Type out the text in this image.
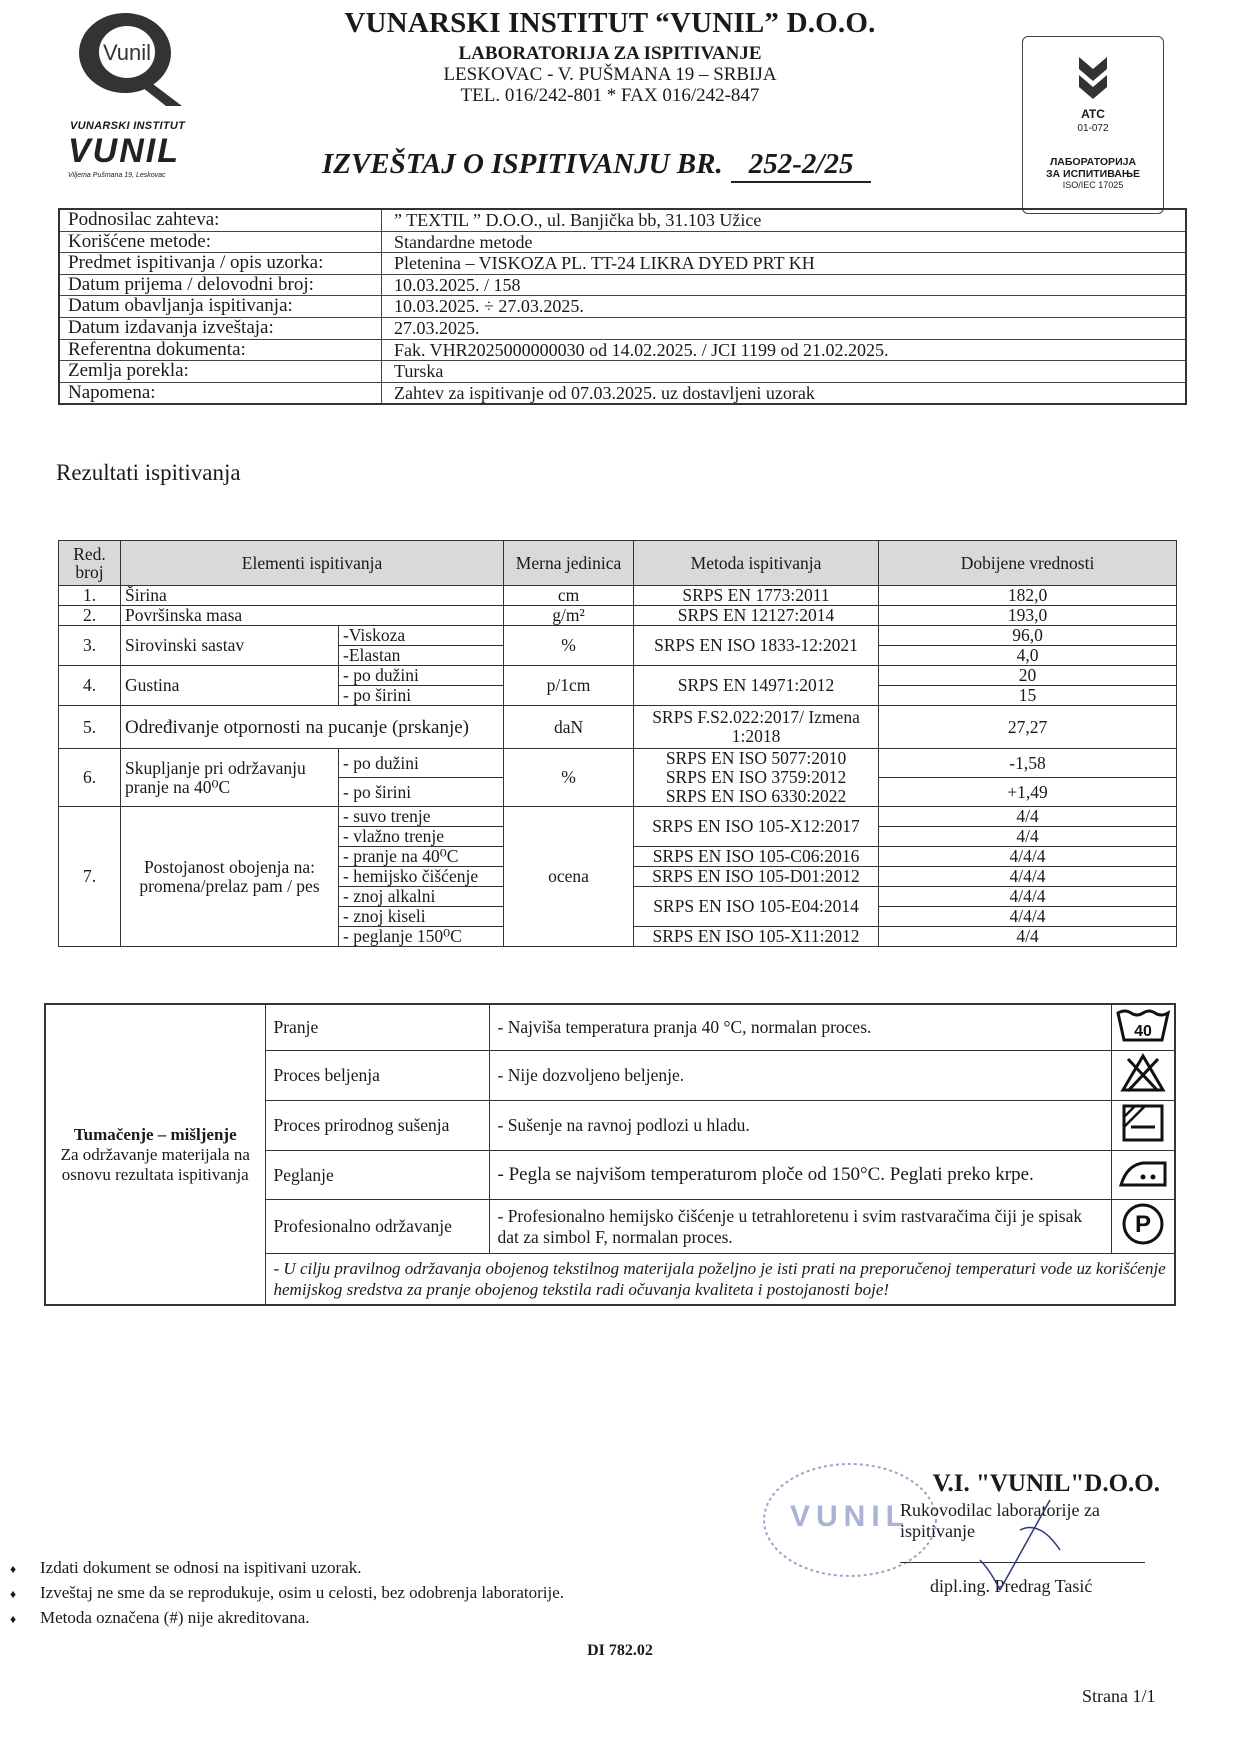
Vunil
VUNARSKI INSTITUT
VUNIL
Viljema Pušmana 19, Leskovac
VUNARSKI INSTITUT “VUNIL” D.O.O.
LABORATORIJA ZA ISPITIVANJE
LESKOVAC - V. PUŠMANA 19 – SRBIJA
TEL. 016/242-801 * FAX 016/242-847
IZVEŠTAJ O ISPITIVANJU BR. 252-2/25
ATC
01-072
ЛАБОРАТОРИЈА
ЗА ИСПИТИВАЊЕ
ISO/IEC 17025
Podnosilac zahteva:	” TEXTIL ” D.O.O., ul. Banjička bb, 31.103 Užice
Korišćene metode:	Standardne metode
Predmet ispitivanja / opis uzorka:	Pletenina – VISKOZA PL. TT-24 LIKRA DYED PRT KH
Datum prijema / delovodni broj:	10.03.2025. / 158
Datum obavljanja ispitivanja:	10.03.2025. ÷ 27.03.2025.
Datum izdavanja izveštaja:	27.03.2025.
Referentna dokumenta:	Fak. VHR2025000000030 od 14.02.2025. / JCI 1199 od 21.02.2025.
Zemlja porekla:	Turska
Napomena:	Zahtev za ispitivanje od 07.03.2025. uz dostavljeni uzorak
Rezultati ispitivanja
Red. broj	Elementi ispitivanja		Merna jedinica	Metoda ispitivanja	Dobijene vrednosti
1.	Širina		cm	SRPS EN 1773:2011	182,0
2.	Površinska masa		g/m²	SRPS EN 12127:2014	193,0
3.	Sirovinski sastav	-Viskoza	%	SRPS EN ISO 1833-12:2021	96,0
		-Elastan			4,0
4.	Gustina	- po dužini	p/1cm	SRPS EN 14971:2012	20
		- po širini			15
5.	Određivanje otpornosti na pucanje (prskanje)		daN	SRPS F.S2.022:2017/ Izmena 1:2018	27,27
6.	Skupljanje pri održavanju pranje na 40⁰C	- po dužini	%	SRPS EN ISO 5077:2010
SRPS EN ISO 3759:2012
SRPS EN ISO 6330:2022	-1,58
		- po širini			+1,49
7.	Postojanost obojenja na: promena/prelaz pam / pes	- suvo trenje	ocena	SRPS EN ISO 105-X12:2017	4/4
		- vlažno trenje			4/4
		- pranje na 40⁰C		SRPS EN ISO 105-C06:2016	4/4/4
		- hemijsko čišćenje		SRPS EN ISO 105-D01:2012	4/4/4
		- znoj alkalni		SRPS EN ISO 105-E04:2014	4/4/4
		- znoj kiseli			4/4/4
		- peglanje 150⁰C		SRPS EN ISO 105-X11:2012	4/4
Tumačenje – mišljenje
Za održavanje materijala na osnovu rezultata ispitivanja	Pranje	- Najviša temperatura pranja 40 °C, normalan proces.	40

	Proces beljenja	- Nije dozvoljeno beljenje.	
	Proces prirodnog sušenja	- Sušenje na ravnoj podlozi u hladu.	
	Peglanje	- Pegla se najvišom temperaturom ploče od 150°C. Peglati preko krpe.	
	Profesionalno održavanje	- Profesionalno hemijsko čišćenje u tetrahloretenu i svim rastvaračima čiji je spisak dat za simbol F, normalan proces.	P

	- U cilju pravilnog održavanja obojenog tekstilnog materijala poželjno je isti prati na preporučenoj temperaturi vode uz korišćenje hemijskog sredstva za pranje obojenog tekstila radi očuvanja kvaliteta i postojanosti boje!		
VUNIL
V.I. "VUNIL"D.O.O.
Rukovodilac laboratorije za ispitivanje
dipl.ing. Predrag Tasić
♦ Izdati dokument se odnosi na ispitivani uzorak.
♦ Izveštaj ne sme da se reprodukuje, osim u celosti, bez odobrenja laboratorije.
♦ Metoda označena (#) nije akreditovana.
DI 782.02
Strana 1/1
